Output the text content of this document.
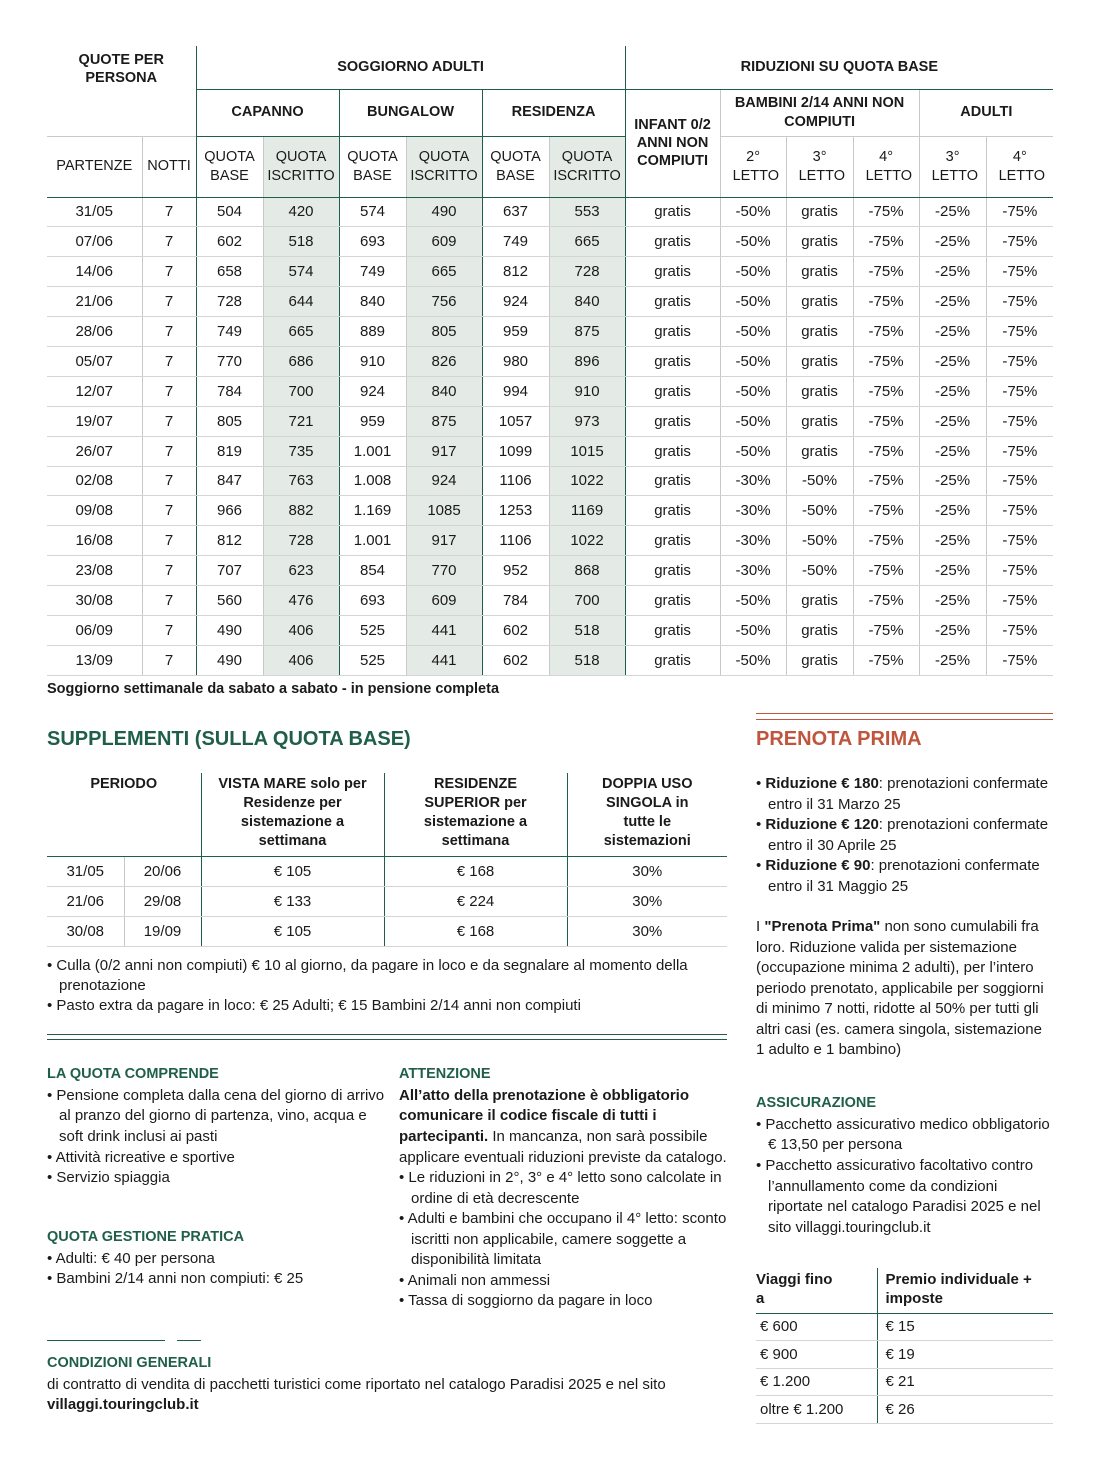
QUOTE PER PERSONA		SOGGIORNO ADULTI						RIDUZIONI SU QUOTA BASE					
		CAPANNO		BUNGALOW		RESIDENZA		INFANT 0/2 ANNI NON COMPIUTI	BAMBINI 2/14 ANNI NON COMPIUTI			ADULTI	
PARTENZE	NOTTI	QUOTA BASE	QUOTA ISCRITTO	QUOTA BASE	QUOTA ISCRITTO	QUOTA BASE	QUOTA ISCRITTO		2° LETTO	3° LETTO	4° LETTO	3° LETTO	4° LETTO
31/05	7	504	420	574	490	637	553	gratis	-50%	gratis	-75%	-25%	-75%
07/06	7	602	518	693	609	749	665	gratis	-50%	gratis	-75%	-25%	-75%
14/06	7	658	574	749	665	812	728	gratis	-50%	gratis	-75%	-25%	-75%
21/06	7	728	644	840	756	924	840	gratis	-50%	gratis	-75%	-25%	-75%
28/06	7	749	665	889	805	959	875	gratis	-50%	gratis	-75%	-25%	-75%
05/07	7	770	686	910	826	980	896	gratis	-50%	gratis	-75%	-25%	-75%
12/07	7	784	700	924	840	994	910	gratis	-50%	gratis	-75%	-25%	-75%
19/07	7	805	721	959	875	1057	973	gratis	-50%	gratis	-75%	-25%	-75%
26/07	7	819	735	1.001	917	1099	1015	gratis	-50%	gratis	-75%	-25%	-75%
02/08	7	847	763	1.008	924	1106	1022	gratis	-30%	-50%	-75%	-25%	-75%
09/08	7	966	882	1.169	1085	1253	1169	gratis	-30%	-50%	-75%	-25%	-75%
16/08	7	812	728	1.001	917	1106	1022	gratis	-30%	-50%	-75%	-25%	-75%
23/08	7	707	623	854	770	952	868	gratis	-30%	-50%	-75%	-25%	-75%
30/08	7	560	476	693	609	784	700	gratis	-50%	gratis	-75%	-25%	-75%
06/09	7	490	406	525	441	602	518	gratis	-50%	gratis	-75%	-25%	-75%
13/09	7	490	406	525	441	602	518	gratis	-50%	gratis	-75%	-25%	-75%
Soggiorno settimanale da sabato a sabato - in pensione completa
SUPPLEMENTI (SULLA QUOTA BASE)
PERIODO		VISTA MARE solo per Residenze per sistemazione a settimana	RESIDENZE SUPERIOR per sistemazione a settimana	DOPPIA USO SINGOLA in tutte le sistemazioni
31/05	20/06	€ 105	€ 168	30%
21/06	29/08	€ 133	€ 224	30%
30/08	19/09	€ 105	€ 168	30%

• Culla (0/2 anni non compiuti) € 10 al giorno, da pagare in loco e da segnalare al momento della prenotazione

• Pasto extra da pagare in loco: € 25 Adulti; € 15 Bambini 2/14 anni non compiuti

LA QUOTA COMPRENDE

• Pensione completa dalla cena del giorno di arrivo al pranzo del giorno di partenza, vino, acqua e soft drink inclusi ai pasti

• Attività ricreative e sportive

• Servizio spiaggia

QUOTA GESTIONE PRATICA

• Adulti: € 40 per persona

• Bambini 2/14 anni non compiuti: € 25

ATTENZIONE

All’atto della prenotazione è obbligatorio comunicare il codice fiscale di tutti i partecipanti. In mancanza, non sarà possibile applicare eventuali riduzioni previste da catalogo.

• Le riduzioni in 2°, 3° e 4° letto sono calcolate in ordine di età decrescente

• Adulti e bambini che occupano il 4° letto: sconto iscritti non applicabile, camere soggette a disponibilità limitata

• Animali non ammessi

• Tassa di soggiorno da pagare in loco

CONDIZIONI GENERALI

di contratto di vendita di pacchetti turistici come riportato nel catalogo Paradisi 2025 e nel sito villaggi.touringclub.it

PRENOTA PRIMA

• Riduzione € 180: prenotazioni confermate entro il 31 Marzo 25

• Riduzione € 120: prenotazioni confermate entro il 30 Aprile 25

• Riduzione € 90: prenotazioni confermate entro il 31 Maggio 25

I "Prenota Prima" non sono cumulabili fra loro. Riduzione valida per sistemazione (occupazione minima 2 adulti), per l’intero periodo prenotato, applicabile per soggiorni di minimo 7 notti, ridotte al 50% per tutti gli altri casi (es. camera singola, sistemazione 1 adulto e 1 bambino)

ASSICURAZIONE

• Pacchetto assicurativo medico obbligatorio € 13,50 per persona

• Pacchetto assicurativo facoltativo contro l’annullamento come da condizioni riportate nel catalogo Paradisi 2025 e nel sito villaggi.touringclub.it

Viaggi fino a	Premio individuale + imposte
€ 600	€ 15
€ 900	€ 19
€ 1.200	€ 21
oltre € 1.200	€ 26
